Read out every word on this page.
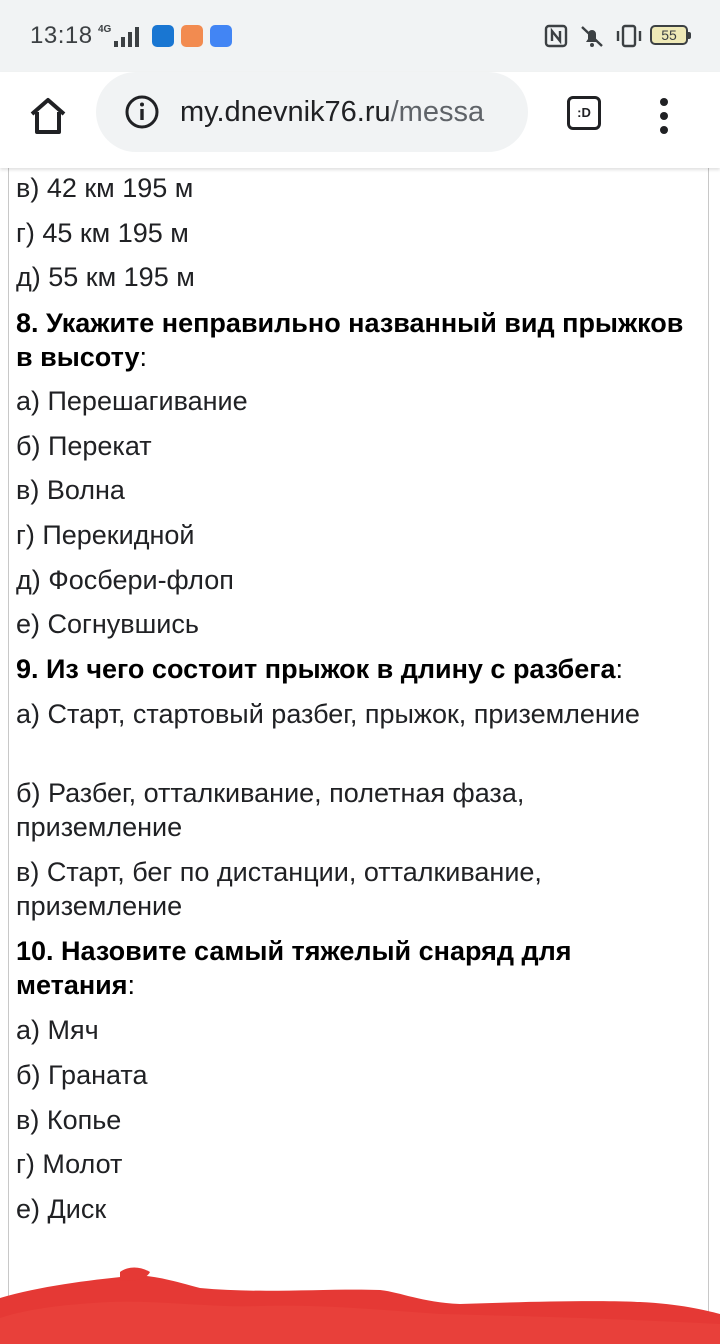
13:18 4G	55
my.dnevnik76.ru/messa	:D
в) 42 км 195 м
г) 45 км 195 м
д) 55 км 195 м
8. Укажите неправильно названный вид прыжков в высоту:
а) Перешагивание
б) Перекат
в) Волна
г) Перекидной
д) Фосбери-флоп
е) Согнувшись
9. Из чего состоит прыжок в длину с разбега:
а) Старт, стартовый разбег, прыжок, приземление
б) Разбег, отталкивание, полетная фаза, приземление
в) Старт, бег по дистанции, отталкивание, приземление
10. Назовите самый тяжелый снаряд для метания:
а) Мяч
б) Граната
в) Копье
г) Молот
е) Диск
